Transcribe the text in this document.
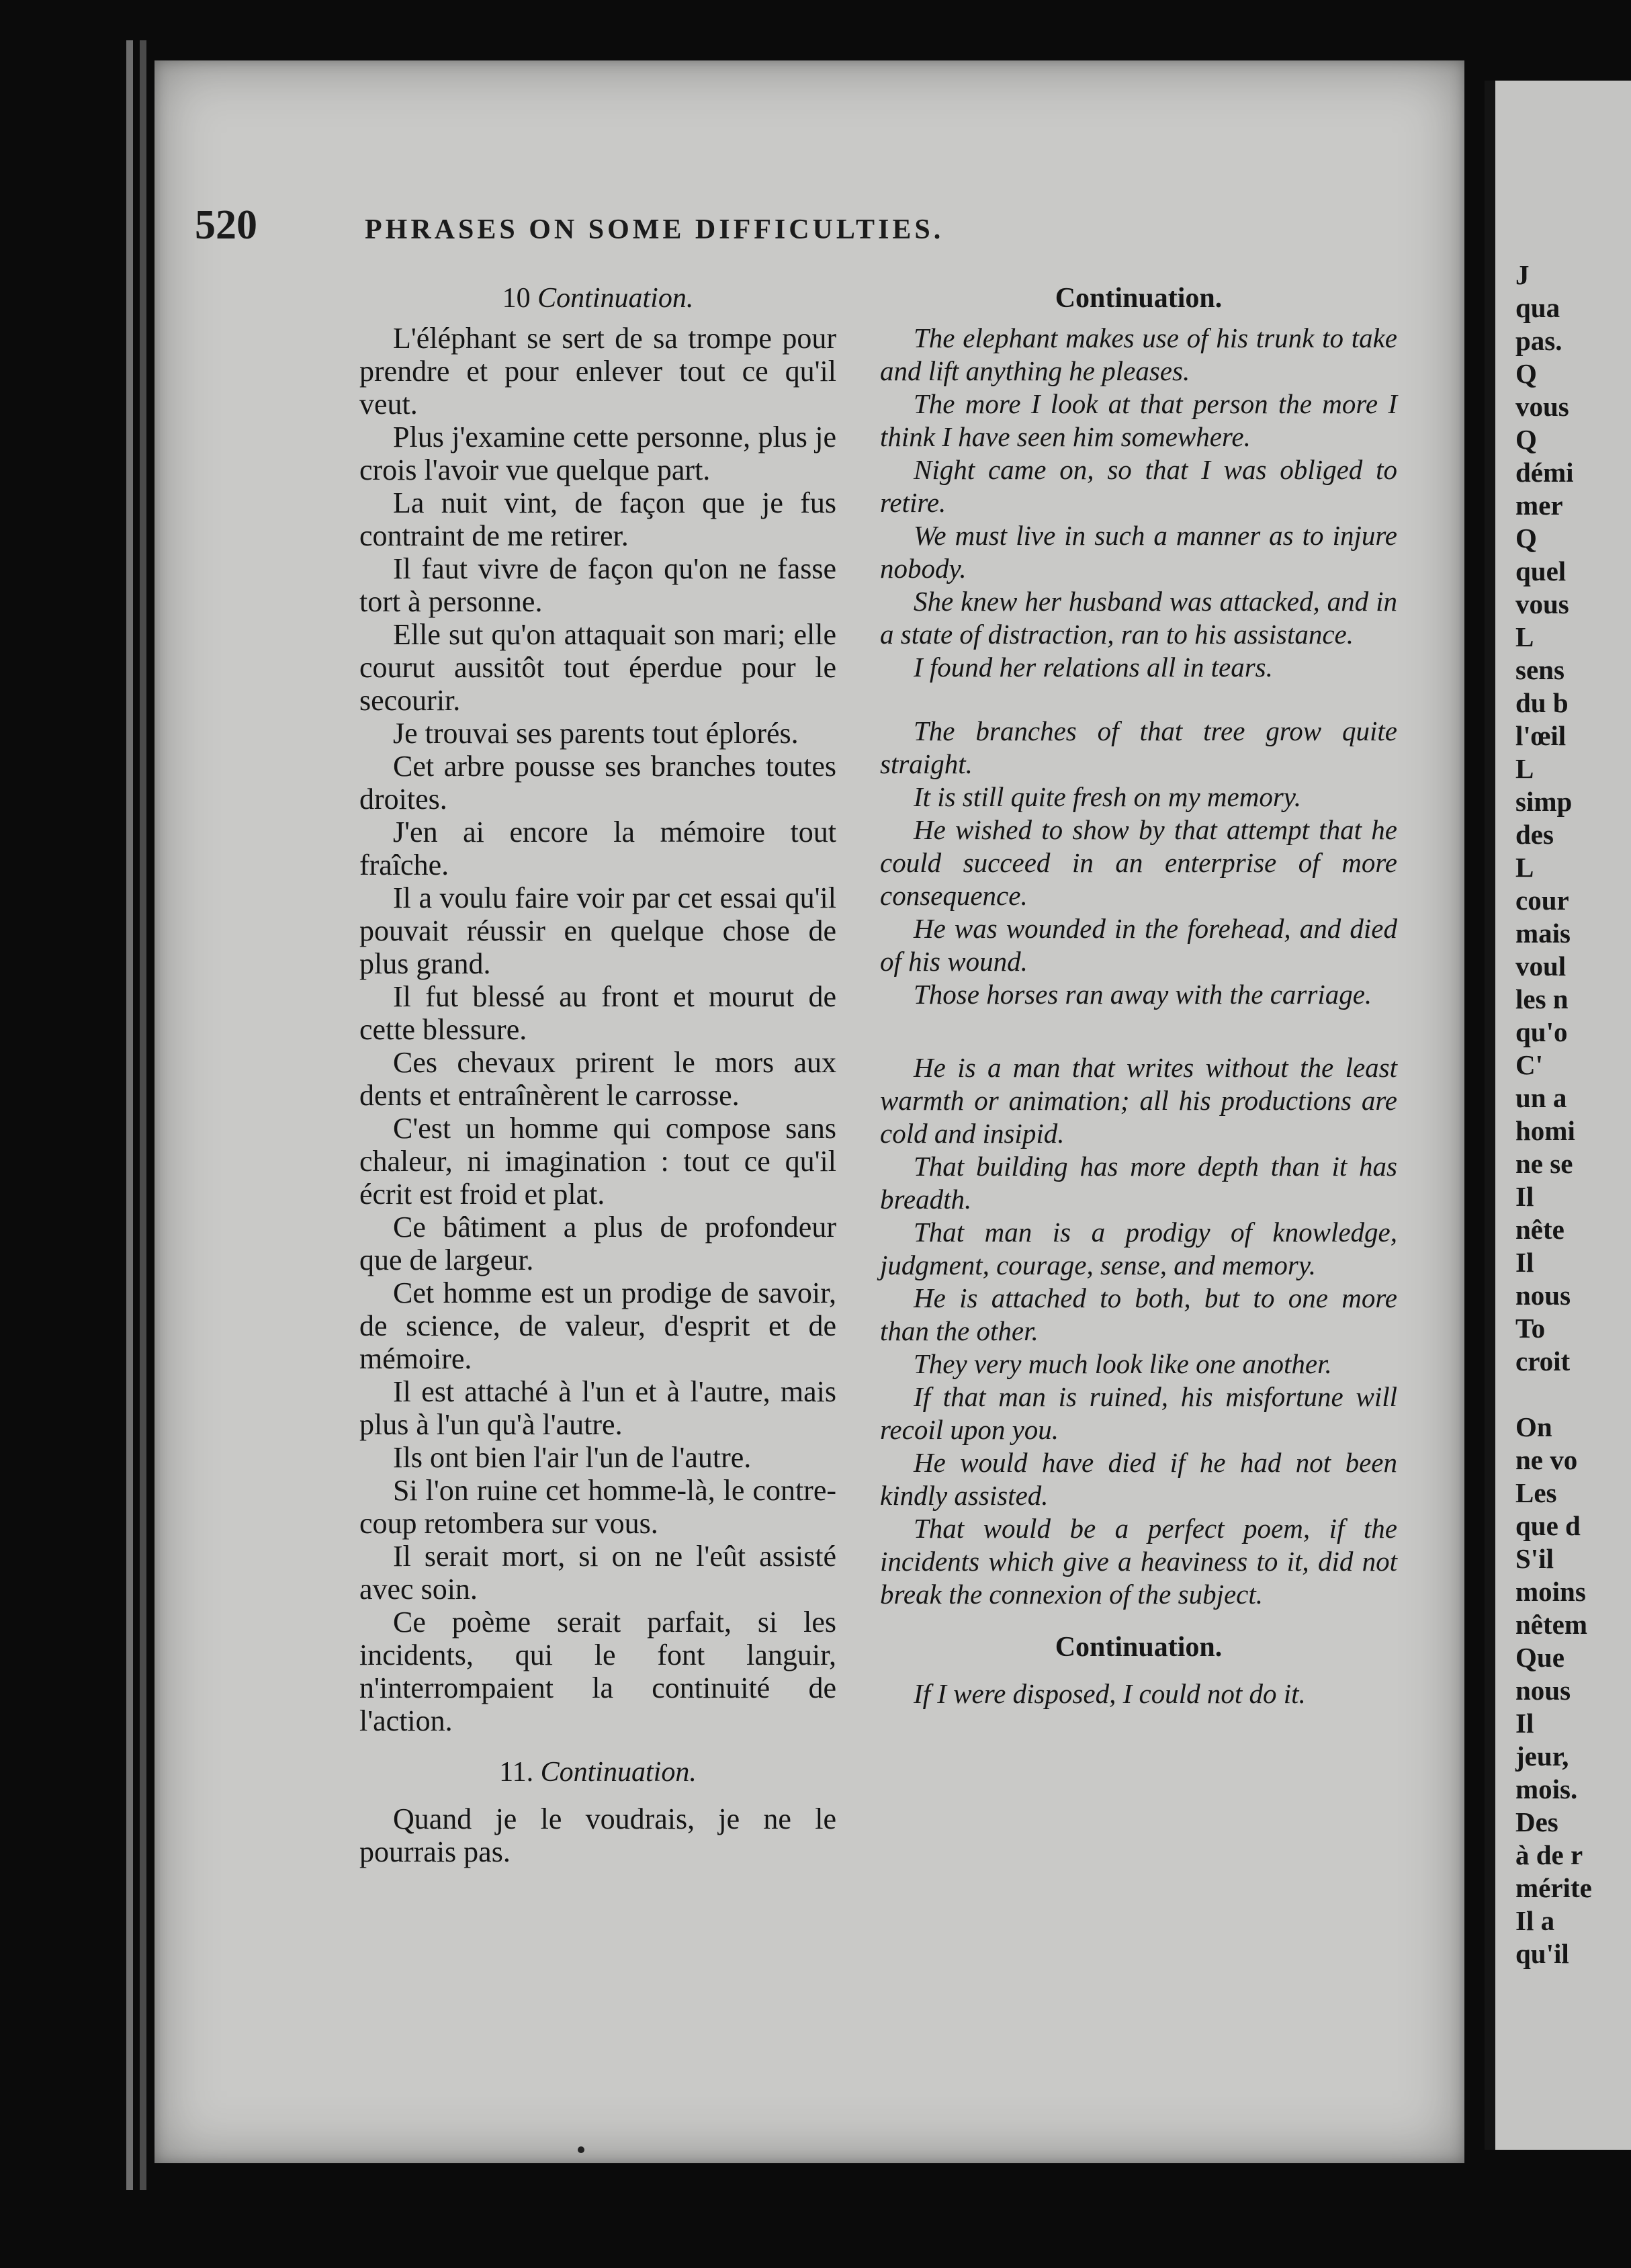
520	PHRASES ON SOME DIFFICULTIES.
10 Continuation.

L'éléphant se sert de sa trompe pour prendre et pour enlever tout ce qu'il veut.

Plus j'examine cette personne, plus je crois l'avoir vue quelque part.

La nuit vint, de façon que je fus contraint de me retirer.

Il faut vivre de façon qu'on ne fasse tort à personne.

Elle sut qu'on attaquait son mari; elle courut aussitôt tout éperdue pour le secourir.

Je trouvai ses parents tout éplorés.

Cet arbre pousse ses branches toutes droites.

J'en ai encore la mémoire tout fraîche.

Il a voulu faire voir par cet essai qu'il pouvait réussir en quelque chose de plus grand.

Il fut blessé au front et mourut de cette blessure.

Ces chevaux prirent le mors aux dents et entraînèrent le carrosse.

C'est un homme qui compose sans chaleur, ni imagination : tout ce qu'il écrit est froid et plat.

Ce bâtiment a plus de profondeur que de largeur.

Cet homme est un prodige de savoir, de science, de valeur, d'esprit et de mémoire.

Il est attaché à l'un et à l'autre, mais plus à l'un qu'à l'autre.

Ils ont bien l'air l'un de l'autre.

Si l'on ruine cet homme-là, le contre-coup retombera sur vous.

Il serait mort, si on ne l'eût assisté avec soin.

Ce poème serait parfait, si les incidents, qui le font languir, n'interrompaient la continuité de l'action.

11. Continuation.

Quand je le voudrais, je ne le pourrais pas.

Continuation.

The elephant makes use of his trunk to take and lift anything he pleases.

The more I look at that person the more I think I have seen him somewhere.

Night came on, so that I was obliged to retire.

We must live in such a manner as to injure nobody.

She knew her husband was attacked, and in a state of distraction, ran to his assistance.

I found her relations all in tears.

The branches of that tree grow quite straight.

It is still quite fresh on my memory.

He wished to show by that attempt that he could succeed in an enterprise of more consequence.

He was wounded in the forehead, and died of his wound.

Those horses ran away with the carriage.

He is a man that writes without the least warmth or animation; all his productions are cold and insipid.

That building has more depth than it has breadth.

That man is a prodigy of knowledge, judgment, courage, sense, and memory.

He is attached to both, but to one more than the other.

They very much look like one another.

If that man is ruined, his misfortune will recoil upon you.

He would have died if he had not been kindly assisted.

That would be a perfect poem, if the incidents which give a heaviness to it, did not break the connexion of the subject.

Continuation.

If I were disposed, I could not do it.

J
qua
pas.
Q
vous
Q
démi
mer
Q
quel
vous
L
sens
du b
l'œil
L
simp
des
L
cour
mais
voul
les n
qu'o
C'
un a
homi
ne se
Il
nête
Il
nous
To
croit

On
ne vo
Les
que d
S'il
moins
nêtem
Que
nous
Il
jeur,
mois.
Des
à de r
mérite
Il a
qu'il
